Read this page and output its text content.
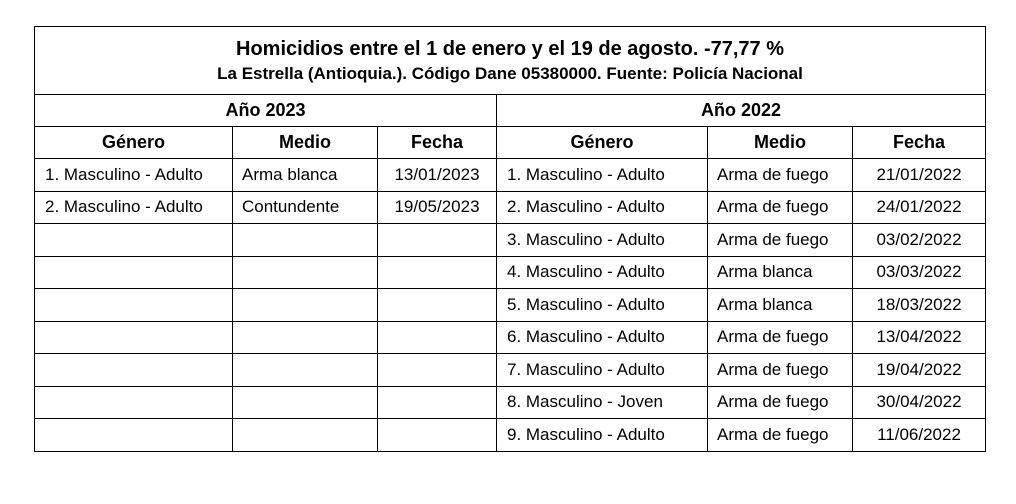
Homicidios entre el 1 de enero y el 19 de agosto. -77,77 %
La Estrella (Antioquia.). Código Dane 05380000. Fuente: Policía Nacional					

Año 2023			Año 2022		
Género	Medio	Fecha	Género	Medio	Fecha
1. Masculino - Adulto	Arma blanca	13/01/2023	1. Masculino - Adulto	Arma de fuego	21/01/2022
2. Masculino - Adulto	Contundente	19/05/2023	2. Masculino - Adulto	Arma de fuego	24/01/2022
			3. Masculino - Adulto	Arma de fuego	03/02/2022
			4. Masculino - Adulto	Arma blanca	03/03/2022
			5. Masculino - Adulto	Arma blanca	18/03/2022
			6. Masculino - Adulto	Arma de fuego	13/04/2022
			7. Masculino - Adulto	Arma de fuego	19/04/2022
			8. Masculino - Joven	Arma de fuego	30/04/2022
			9. Masculino - Adulto	Arma de fuego	11/06/2022
